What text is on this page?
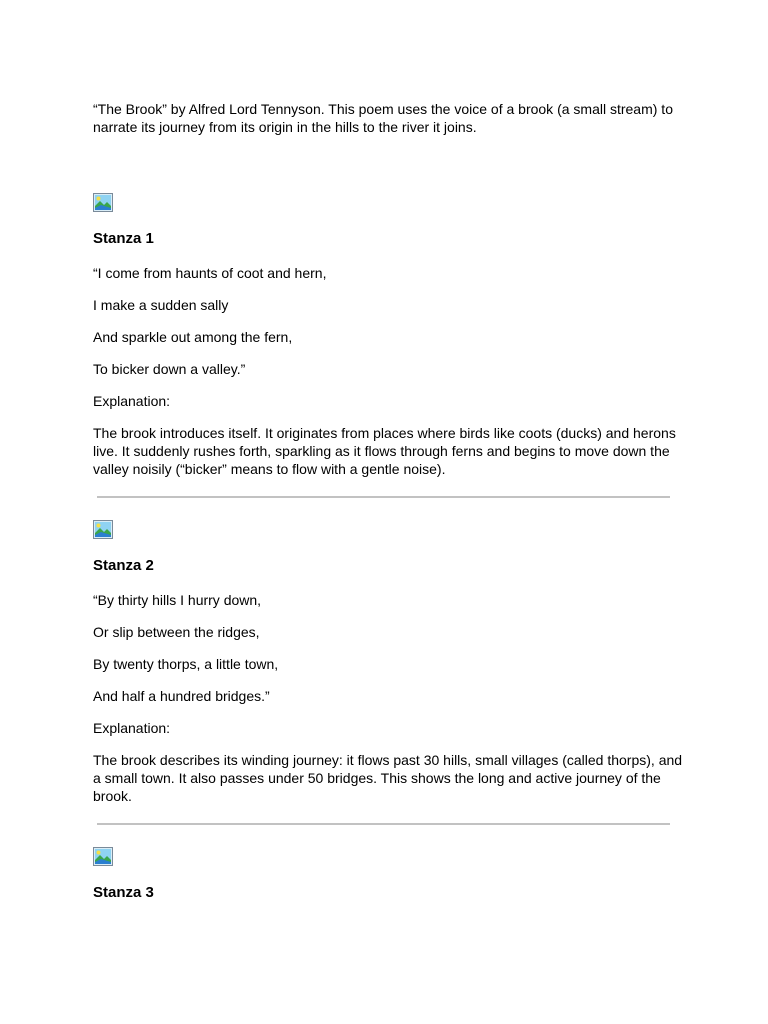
“The Brook” by Alfred Lord Tennyson. This poem uses the voice of a brook (a small stream) to narrate its journey from its origin in the hills to the river it joins.

Stanza 1

“I come from haunts of coot and hern,

I make a sudden sally

And sparkle out among the fern,

To bicker down a valley.”

Explanation:

The brook introduces itself. It originates from places where birds like coots (ducks) and herons live. It suddenly rushes forth, sparkling as it flows through ferns and begins to move down the valley noisily (“bicker” means to flow with a gentle noise).

Stanza 2

“By thirty hills I hurry down,

Or slip between the ridges,

By twenty thorps, a little town,

And half a hundred bridges.”

Explanation:

The brook describes its winding journey: it flows past 30 hills, small villages (called thorps), and a small town. It also passes under 50 bridges. This shows the long and active journey of the brook.

Stanza 3
